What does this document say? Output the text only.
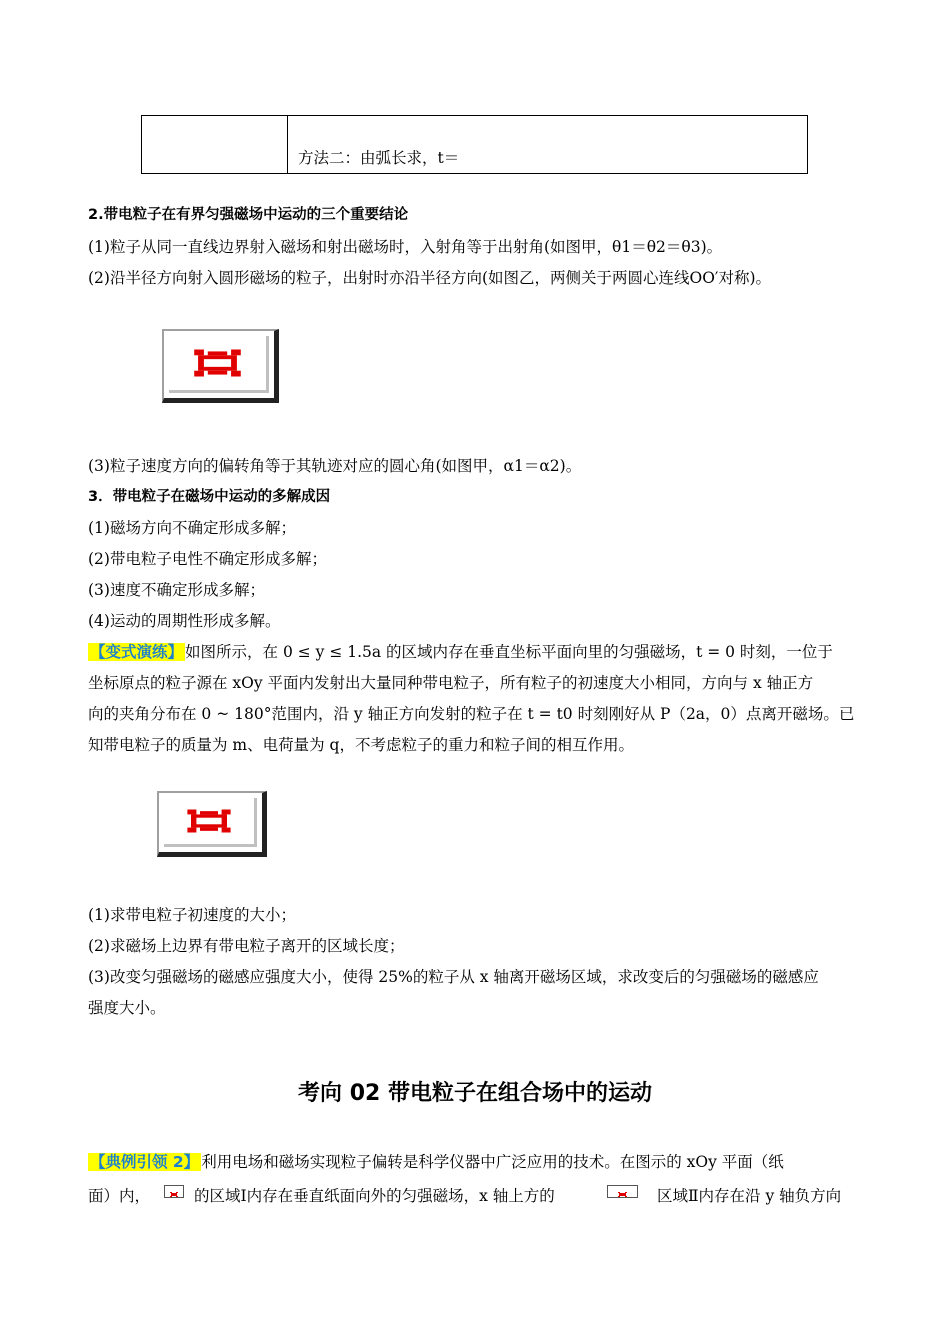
方法二：由弧长求，t＝
2.带电粒子在有界匀强磁场中运动的三个重要结论
(1)粒子从同一直线边界射入磁场和射出磁场时，入射角等于出射角(如图甲，θ1＝θ2＝θ3)。
(2)沿半径方向射入圆形磁场的粒子，出射时亦沿半径方向(如图乙，两侧关于两圆心连线OO′对称)。
(3)粒子速度方向的偏转角等于其轨迹对应的圆心角(如图甲，α1＝α2)。
3．带电粒子在磁场中运动的多解成因
(1)磁场方向不确定形成多解；
(2)带电粒子电性不确定形成多解；
(3)速度不确定形成多解；
(4)运动的周期性形成多解。
【变式演练】 如图所示，在 0 ≤ y ≤ 1.5a 的区域内存在垂直坐标平面向里的匀强磁场，t = 0 时刻，一位于
坐标原点的粒子源在 xOy 平面内发射出大量同种带电粒子，所有粒子的初速度大小相同，方向与 x 轴正方
向的夹角分布在 0 ~ 180°范围内，沿 y 轴正方向发射的粒子在 t = t0 时刻刚好从 P（2a，0）点离开磁场。已
知带电粒子的质量为 m、电荷量为 q，不考虑粒子的重力和粒子间的相互作用。
(1)求带电粒子初速度的大小；
(2)求磁场上边界有带电粒子离开的区域长度；
(3)改变匀强磁场的磁感应强度大小，使得 25%的粒子从 x 轴离开磁场区域，求改变后的匀强磁场的磁感应
强度大小。
考向 02 带电粒子在组合场中的运动
【典例引领 2】 利用电场和磁场实现粒子偏转是科学仪器中广泛应用的技术。在图示的 xOy 平面（纸
面）内，	的区域Ⅰ内存在垂直纸面向外的匀强磁场，x 轴上方的	区域Ⅱ内存在沿 y 轴负方向
